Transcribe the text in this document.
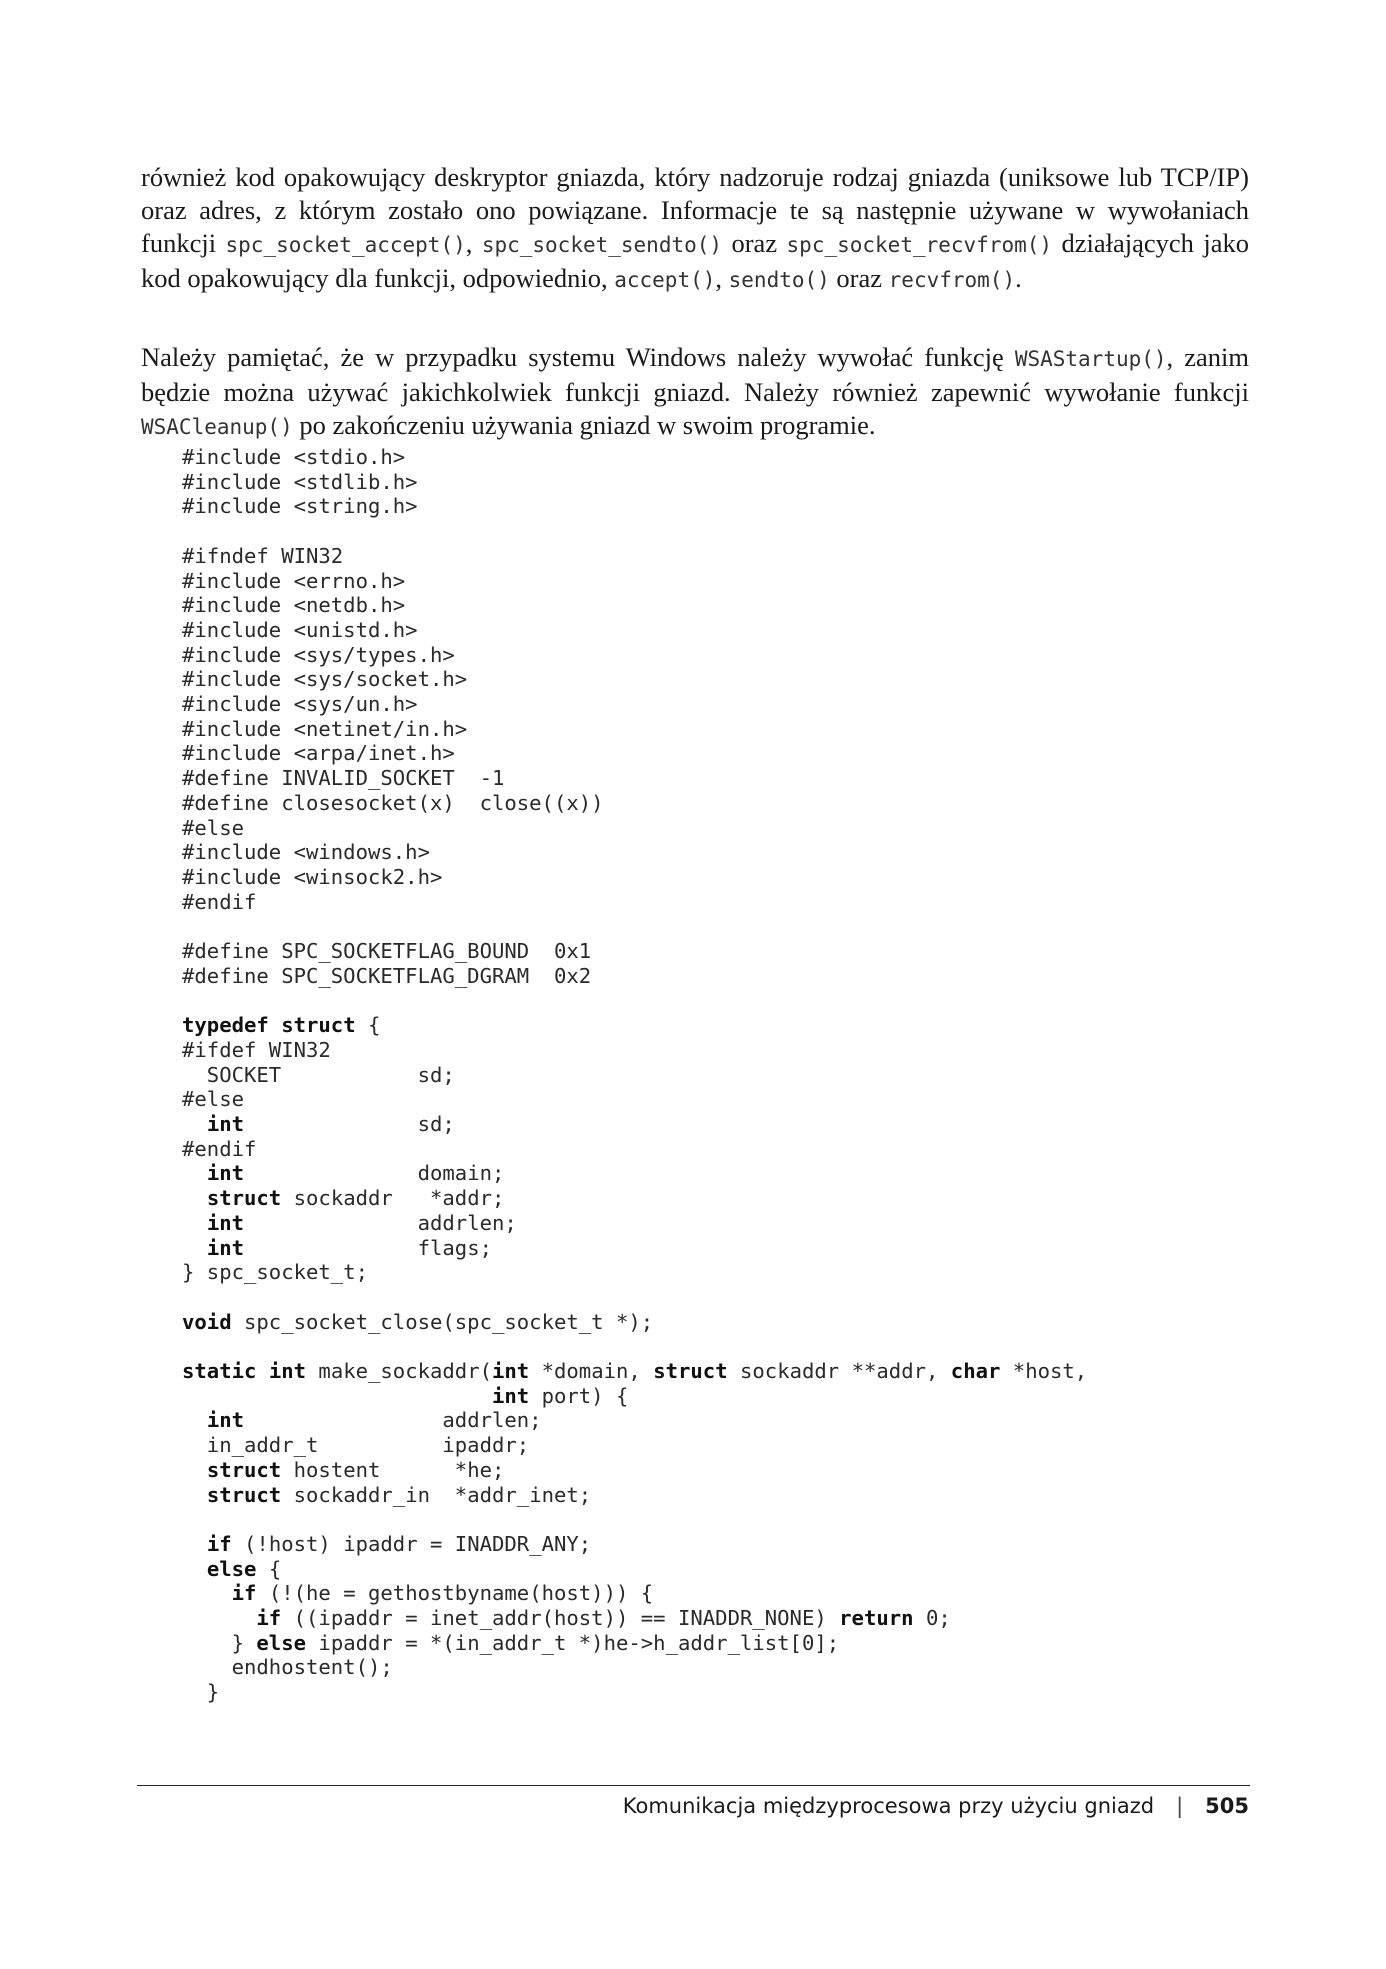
również kod opakowujący deskryptor gniazda, który nadzoruje rodzaj gniazda (uniksowe lub TCP/IP) oraz adres, z którym zostało ono powiązane. Informacje te są następnie używane w wywołaniach funkcji spc_socket_accept(), spc_socket_sendto() oraz spc_socket_recvfrom() działających jako kod opakowujący dla funkcji, odpowiednio, accept(), sendto() oraz recvfrom().

Należy pamiętać, że w przypadku systemu Windows należy wywołać funkcję WSAStartup(), zanim będzie można używać jakichkolwiek funkcji gniazd. Należy również zapewnić wywołanie funkcji WSACleanup() po zakończeniu używania gniazd w swoim programie.

#include <stdio.h>
#include <stdlib.h>
#include <string.h>

#ifndef WIN32
#include <errno.h>
#include <netdb.h>
#include <unistd.h>
#include <sys/types.h>
#include <sys/socket.h>
#include <sys/un.h>
#include <netinet/in.h>
#include <arpa/inet.h>
#define INVALID_SOCKET  -1
#define closesocket(x)  close((x))
#else
#include <windows.h>
#include <winsock2.h>
#endif

#define SPC_SOCKETFLAG_BOUND  0x1
#define SPC_SOCKETFLAG_DGRAM  0x2

typedef struct {
#ifdef WIN32
SOCKET           sd;
#else
int              sd;
#endif
int              domain;
struct sockaddr   *addr;
int              addrlen;
int              flags;
} spc_socket_t;

void spc_socket_close(spc_socket_t *);

static int make_sockaddr(int *domain, struct sockaddr **addr, char *host,
int port) {
int                addrlen;
in_addr_t          ipaddr;
struct hostent      *he;
struct sockaddr_in  *addr_inet;

if (!host) ipaddr = INADDR_ANY;
else {
if (!(he = gethostbyname(host))) {
if ((ipaddr = inet_addr(host)) == INADDR_NONE) return 0;
} else ipaddr = *(in_addr_t *)he->h_addr_list[0];
endhostent();
}

Komunikacja międzyprocesowa przy użyciu gniazd | 505
